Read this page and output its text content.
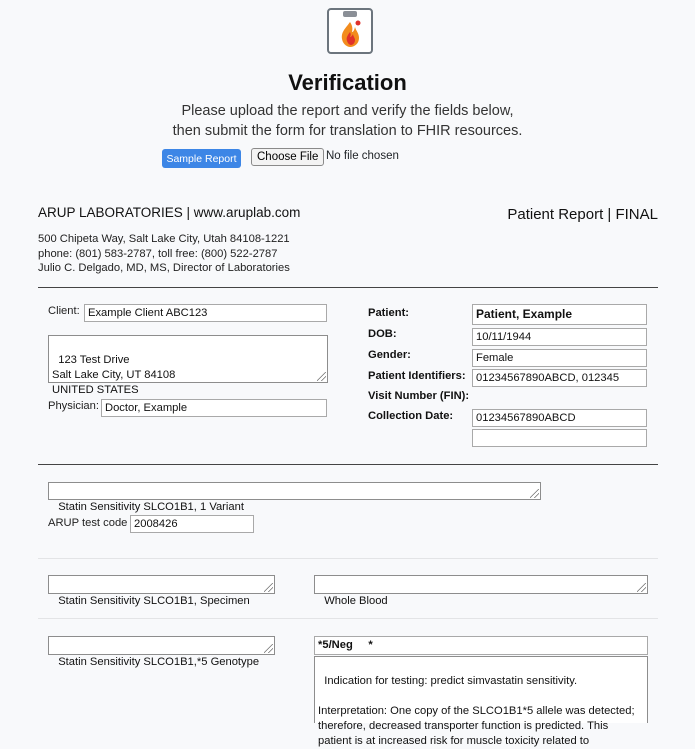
Verification
Please upload the report and verify the fields below,
then submit the form for translation to FHIR resources.
Sample Report	Choose File No file chosen
ARUP LABORATORIES | www.aruplab.com	Patient Report | FINAL
500 Chipeta Way, Salt Lake City, Utah 84108-1221
phone: (801) 583-2787, toll free: (800) 522-2787
Julio C. Delgado, MD, MS, Director of Laboratories
Client: Example Client ABC123

123 Test Drive
Salt Lake City, UT 84108
UNITED STATES

Physician: Doctor, Example
Patient:	Patient, Example
DOB:	10/11/1944
Gender:	Female
Patient Identifiers: 01234567890ABCD, 012345
Visit Number (FIN):
Collection Date:	01234567890ABCD

Statin Sensitivity SLCO1B1, 1 Variant

ARUP test code 2008426

Statin Sensitivity SLCO1B1, Specimen
	Whole Blood

Statin Sensitivity SLCO1B1,*5 Genotype

*5/Neg     *

Indication for testing: predict simvastatin sensitivity.

Interpretation: One copy of the SLCO1B1*5 allele was detected; therefore, decreased transporter function is predicted. This patient is at increased risk for muscle toxicity related to
